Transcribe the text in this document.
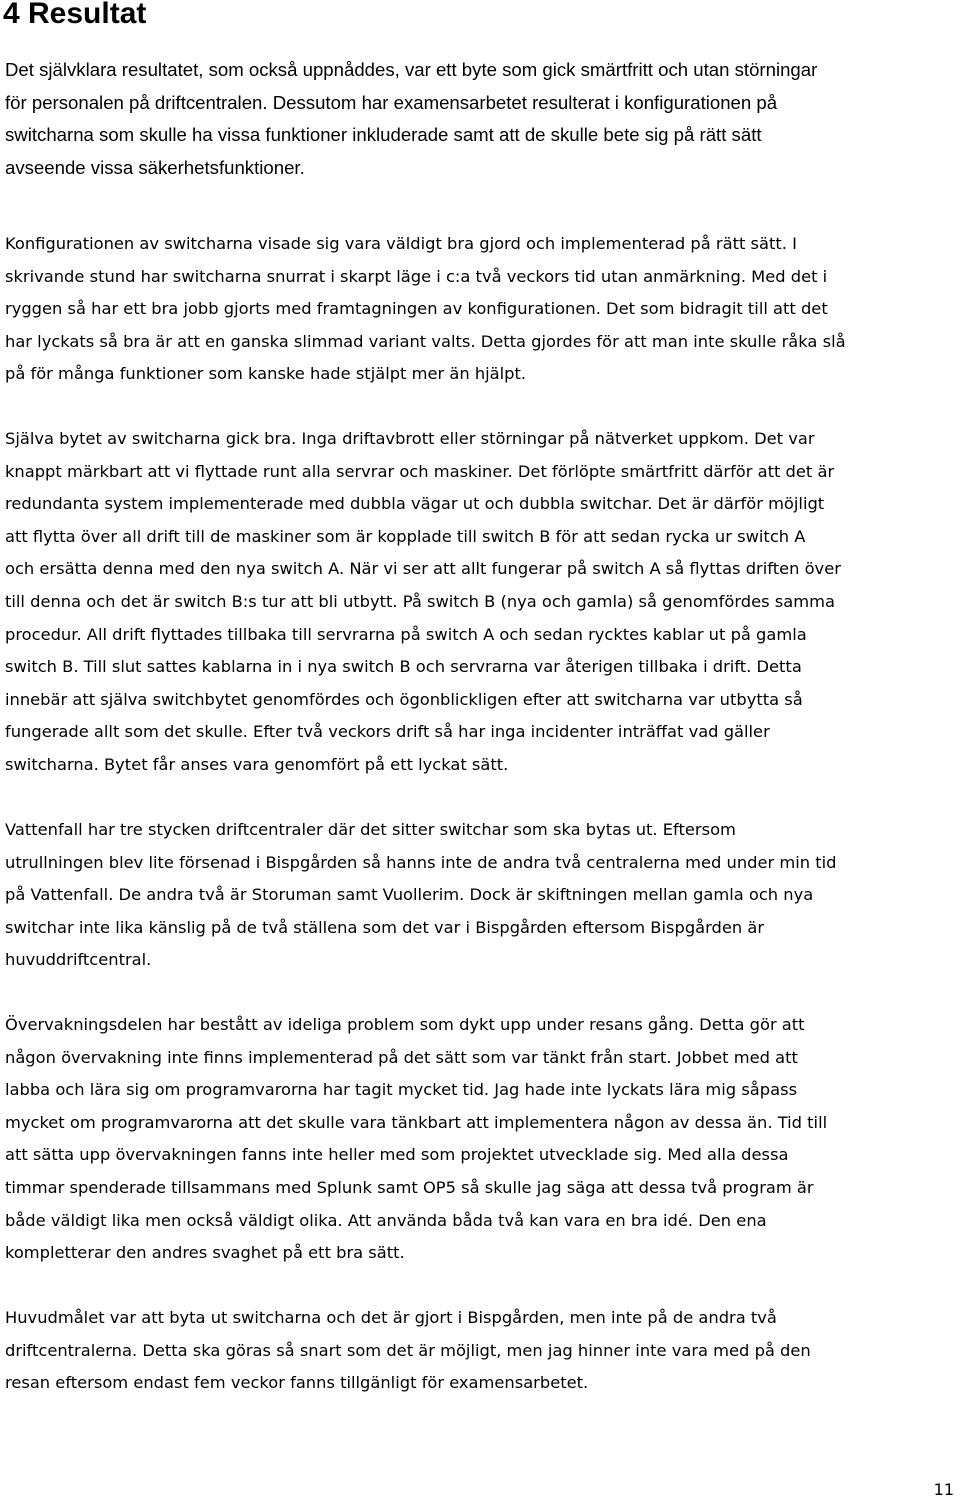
4 Resultat

Det självklara resultatet, som också uppnåddes, var ett byte som gick smärtfritt och utan störningar
för personalen på driftcentralen. Dessutom har examensarbetet resulterat i konfigurationen på
switcharna som skulle ha vissa funktioner inkluderade samt att de skulle bete sig på rätt sätt
avseende vissa säkerhetsfunktioner.

Konfigurationen av switcharna visade sig vara väldigt bra gjord och implementerad på rätt sätt. I
skrivande stund har switcharna snurrat i skarpt läge i c:a två veckors tid utan anmärkning. Med det i
ryggen så har ett bra jobb gjorts med framtagningen av konfigurationen. Det som bidragit till att det
har lyckats så bra är att en ganska slimmad variant valts. Detta gjordes för att man inte skulle råka slå
på för många funktioner som kanske hade stjälpt mer än hjälpt.

Själva bytet av switcharna gick bra. Inga driftavbrott eller störningar på nätverket uppkom. Det var
knappt märkbart att vi flyttade runt alla servrar och maskiner. Det förlöpte smärtfritt därför att det är
redundanta system implementerade med dubbla vägar ut och dubbla switchar. Det är därför möjligt
att flytta över all drift till de maskiner som är kopplade till switch B för att sedan rycka ur switch A
och ersätta denna med den nya switch A. När vi ser att allt fungerar på switch A så flyttas driften över
till denna och det är switch B:s tur att bli utbytt. På switch B (nya och gamla) så genomfördes samma
procedur. All drift flyttades tillbaka till servrarna på switch A och sedan rycktes kablar ut på gamla
switch B. Till slut sattes kablarna in i nya switch B och servrarna var återigen tillbaka i drift. Detta
innebär att själva switchbytet genomfördes och ögonblickligen efter att switcharna var utbytta så
fungerade allt som det skulle. Efter två veckors drift så har inga incidenter inträffat vad gäller
switcharna. Bytet får anses vara genomfört på ett lyckat sätt.

Vattenfall har tre stycken driftcentraler där det sitter switchar som ska bytas ut. Eftersom
utrullningen blev lite försenad i Bispgården så hanns inte de andra två centralerna med under min tid
på Vattenfall. De andra två är Storuman samt Vuollerim. Dock är skiftningen mellan gamla och nya
switchar inte lika känslig på de två ställena som det var i Bispgården eftersom Bispgården är
huvuddriftcentral.

Övervakningsdelen har bestått av ideliga problem som dykt upp under resans gång. Detta gör att
någon övervakning inte finns implementerad på det sätt som var tänkt från start. Jobbet med att
labba och lära sig om programvarorna har tagit mycket tid. Jag hade inte lyckats lära mig såpass
mycket om programvarorna att det skulle vara tänkbart att implementera någon av dessa än. Tid till
att sätta upp övervakningen fanns inte heller med som projektet utvecklade sig. Med alla dessa
timmar spenderade tillsammans med Splunk samt OP5 så skulle jag säga att dessa två program är
både väldigt lika men också väldigt olika. Att använda båda två kan vara en bra idé. Den ena
kompletterar den andres svaghet på ett bra sätt.

Huvudmålet var att byta ut switcharna och det är gjort i Bispgården, men inte på de andra två
driftcentralerna. Detta ska göras så snart som det är möjligt, men jag hinner inte vara med på den
resan eftersom endast fem veckor fanns tillgänligt för examensarbetet.

11
